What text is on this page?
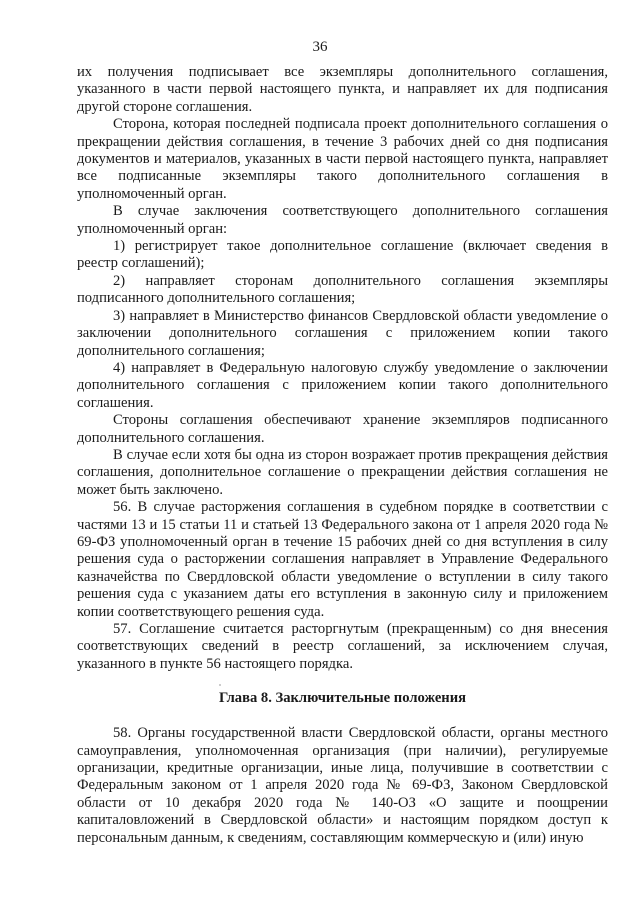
36

их получения подписывает все экземпляры дополнительного соглашения, указанного в части первой настоящего пункта, и направляет их для подписания другой стороне соглашения.

Сторона, которая последней подписала проект дополнительного соглашения о прекращении действия соглашения, в течение 3 рабочих дней со дня подписания документов и материалов, указанных в части первой настоящего пункта, направляет все подписанные экземпляры такого дополнительного соглашения в уполномоченный орган.

В случае заключения соответствующего дополнительного соглашения уполномоченный орган:

1) регистрирует такое дополнительное соглашение (включает сведения в реестр соглашений);

2) направляет сторонам дополнительного соглашения экземпляры подписанного дополнительного соглашения;

3) направляет в Министерство финансов Свердловской области уведомление о заключении дополнительного соглашения с приложением копии такого дополнительного соглашения;

4) направляет в Федеральную налоговую службу уведомление о заключении дополнительного соглашения с приложением копии такого дополнительного соглашения.

Стороны соглашения обеспечивают хранение экземпляров подписанного дополнительного соглашения.

В случае если хотя бы одна из сторон возражает против прекращения действия соглашения, дополнительное соглашение о прекращении действия соглашения не может быть заключено.

56. В случае расторжения соглашения в судебном порядке в соответствии с частями 13 и 15 статьи 11 и статьей 13 Федерального закона от 1 апреля 2020 года № 69-ФЗ уполномоченный орган в течение 15 рабочих дней со дня вступления в силу решения суда о расторжении соглашения направляет в Управление Федерального казначейства по Свердловской области уведомление о вступлении в силу такого решения суда с указанием даты его вступления в законную силу и приложением копии соответствующего решения суда.

57. Соглашение считается расторгнутым (прекращенным) со дня внесения соответствующих сведений в реестр соглашений, за исключением случая, указанного в пункте 56 настоящего порядка.

Глава 8. Заключительные положения

58. Органы государственной власти Свердловской области, органы местного самоуправления, уполномоченная организация (при наличии), регулируемые организации, кредитные организации, иные лица, получившие в соответствии с Федеральным законом от 1 апреля 2020 года № 69-ФЗ, Законом Свердловской области от 10 декабря 2020 года № 140-ОЗ «О защите и поощрении капиталовложений в Свердловской области» и настоящим порядком доступ к персональным данным, к сведениям, составляющим коммерческую и (или) иную
